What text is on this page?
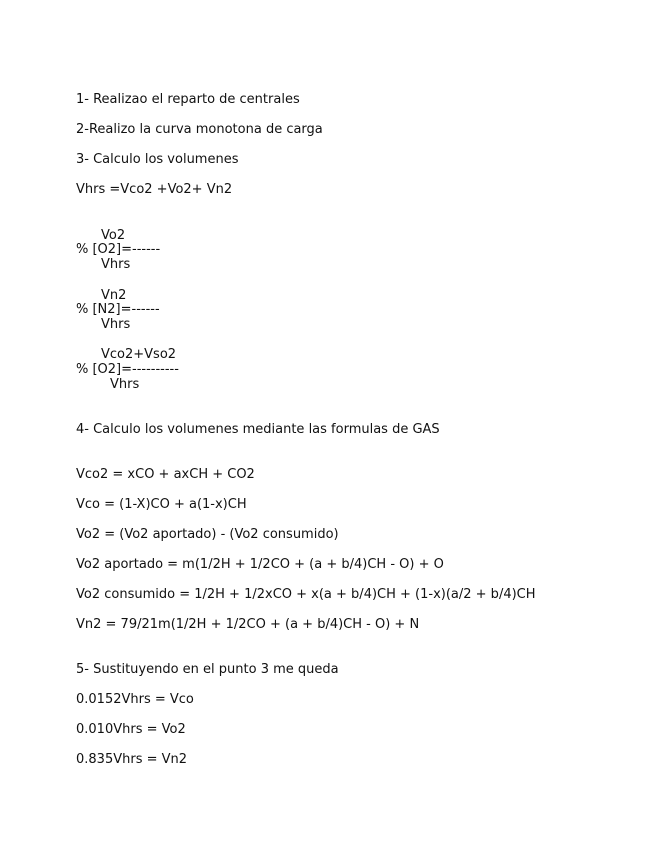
1- Realizao el reparto de centrales
2-Realizo la curva monotona de carga
3- Calculo los volumenes
Vhrs =Vco2 +Vo2+ Vn2
Vo2
% [O2]=------
Vhrs
Vn2
% [N2]=------
Vhrs
Vco2+Vso2
% [O2]=----------
Vhrs
4- Calculo los volumenes mediante las formulas de GAS
Vco2 = xCO + axCH + CO2
Vco = (1-X)CO + a(1-x)CH
Vo2 = (Vo2 aportado) - (Vo2 consumido)
Vo2 aportado = m(1/2H + 1/2CO + (a + b/4)CH - O) + O
Vo2 consumido = 1/2H + 1/2xCO + x(a + b/4)CH + (1-x)(a/2 + b/4)CH
Vn2 = 79/21m(1/2H + 1/2CO + (a + b/4)CH - O) + N
5- Sustituyendo en el punto 3 me queda
0.0152Vhrs = Vco
0.010Vhrs = Vo2
0.835Vhrs = Vn2
